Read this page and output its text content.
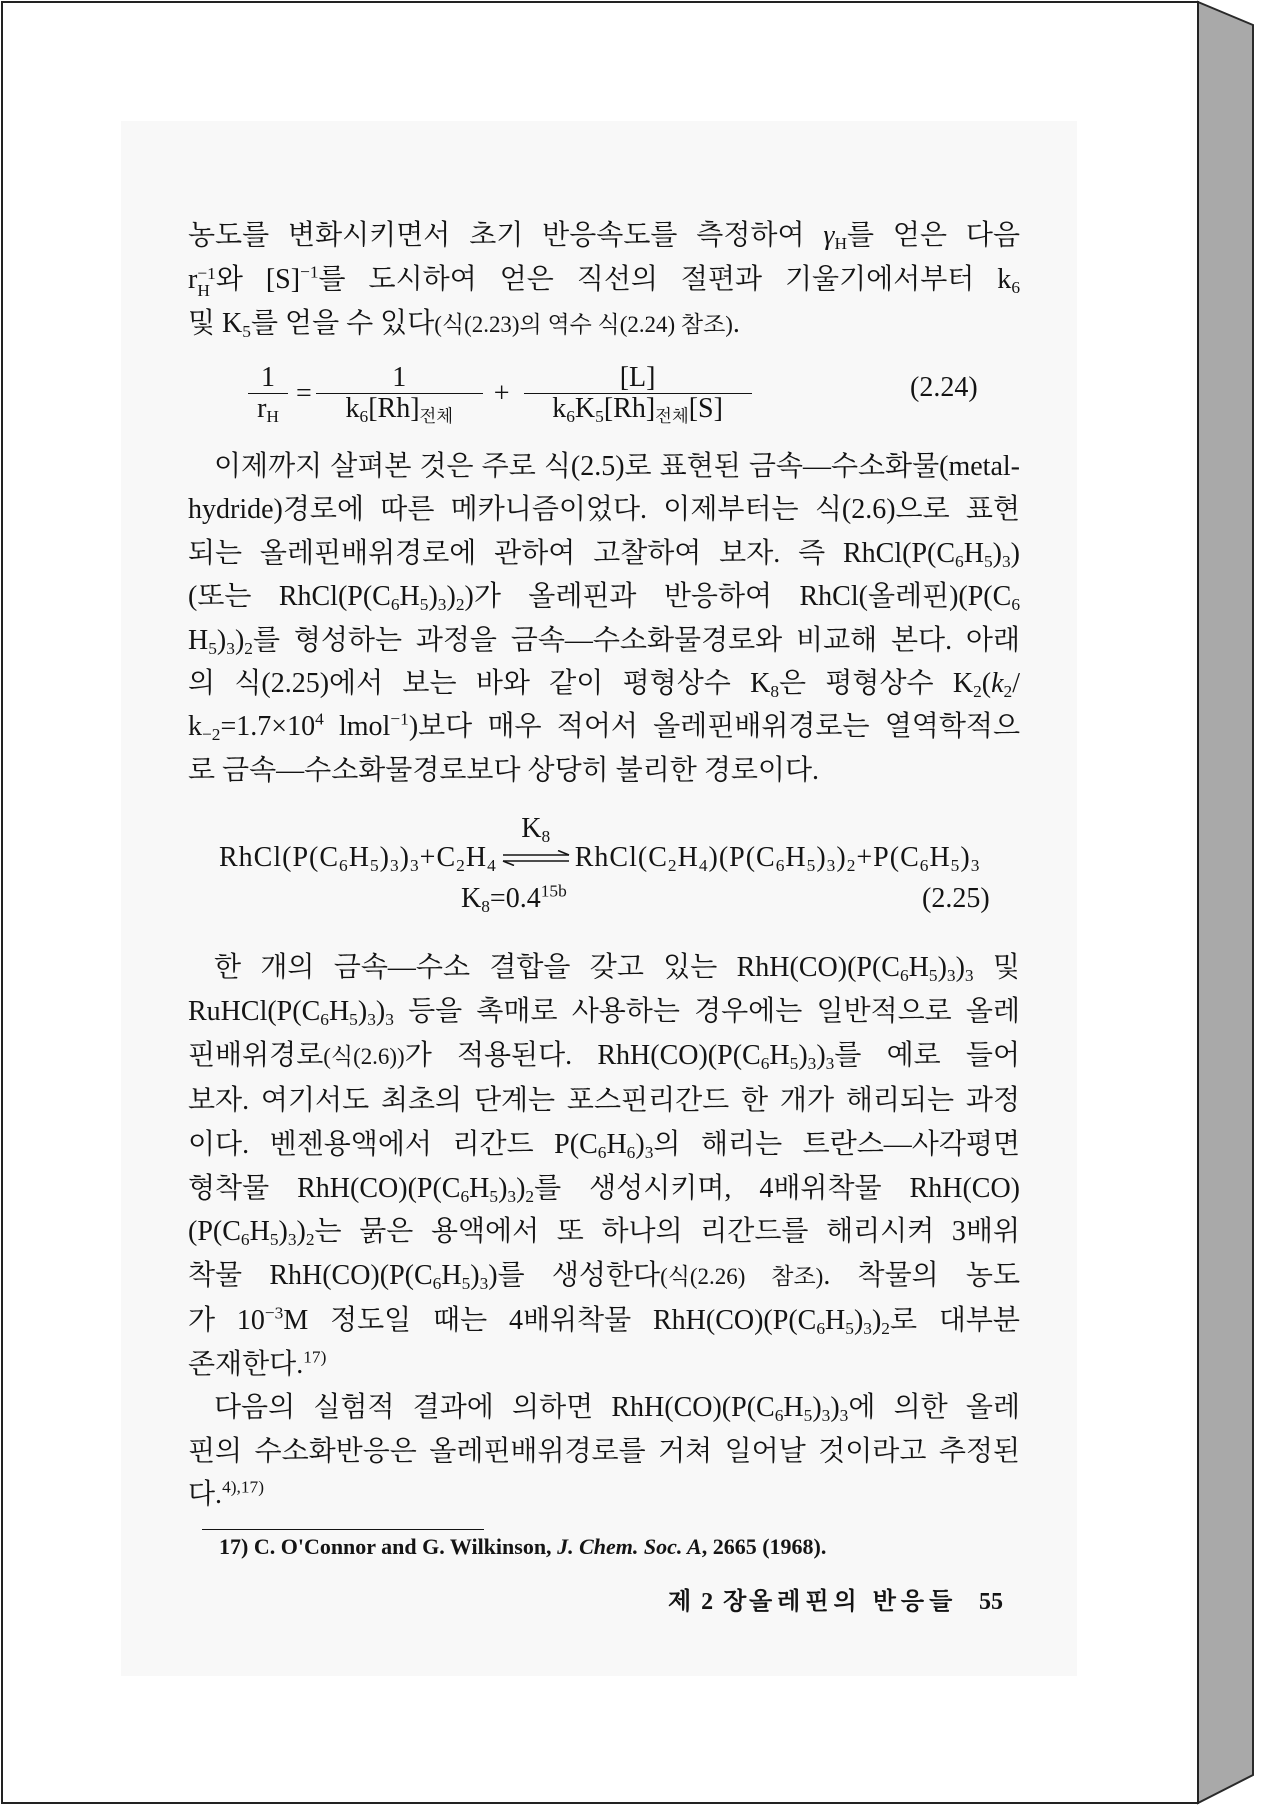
농도를 변화시키면서 초기 반응속도를 측정하여 $\gamma_H$를 얻은 다음
r −1
H 와 $[S]^{-1}$를 도시하여 얻은 직선의 절편과 기울기에서부터 $k_6$
및 $K_5$를 얻을 수 있다(식(2.23)의 역수 식(2.24) 참조).
$\frac{1}{r_H} = \frac{1}{k_6[Rh]_{전체}} + \frac{[L]}{k_6K_5[Rh]_{전체}[S]}$	(2.24)
이제까지 살펴본 것은 주로 식(2.5)로 표현된 금속—수소화물(metal-
hydride)경로에 따른 메카니즘이었다. 이제부터는 식(2.6)으로 표현
되는 올레핀배위경로에 관하여 고찰하여 보자. 즉 $RhCl(P(C_6H_5)_3)$
(또는 $RhCl(P(C_6H_5)_3)_2$)가 올레핀과 반응하여 RhCl(올레핀)($P(C_6$
$H_5)_3)_2$를 형성하는 과정을 금속—수소화물경로와 비교해 본다. 아래
의 식(2.25)에서 보는 바와 같이 평형상수 $K_8$은 평형상수 $K_2(k_2/$
$k_{-2}=1.7\times 10^4$ lmol$^{-1}$)보다 매우 적어서 올레핀배위경로는 열역학적으
로 금속—수소화물경로보다 상당히 불리한 경로이다.
$RhCl(P(C_6H_5)_3)_3+C_2H_4$
$K_8$
$RhCl(C_2H_4)(P(C_6H_5)_3)_2+P(C_6H_5)_3$
$K_8=0.4^{15b}$	(2.25)
한 개의 금속—수소 결합을 갖고 있는 $RhH(CO)(P(C_6H_5)_3)_3$ 및
$RuHCl(P(C_6H_5)_3)_3$ 등을 촉매로 사용하는 경우에는 일반적으로 올레
핀배위경로(식(2.6))가 적용된다. $RhH(CO)(P(C_6H_5)_3)_3$를 예로 들어
보자. 여기서도 최초의 단계는 포스핀리간드 한 개가 해리되는 과정
이다. 벤젠용액에서 리간드 $P(C_6H_6)_3$의 해리는 트란스—사각평면
형착물 $RhH(CO)(P(C_6H_5)_3)_2$를 생성시키며, 4배위착물 RhH(CO)
$(P(C_6H_5)_3)_2$는 묽은 용액에서 또 하나의 리간드를 해리시켜 3배위
착물 $RhH(CO)(P(C_6H_5)_3)$를 생성한다(식(2.26) 참조). 착물의 농도
가 $10^{-3}M$ 정도일 때는 4배위착물 $RhH(CO)(P(C_6H_5)_3)_2$로 대부분
존재한다.$^{17)}$
다음의 실험적 결과에 의하면 $RhH(CO)(P(C_6H_5)_3)_3$에 의한 올레
핀의 수소화반응은 올레핀배위경로를 거쳐 일어날 것이라고 추정된
다.$^{4),17)}$
17) C. O'Connor and G. Wilkinson, J. Chem. Soc. A, 2665 (1968).
제 2 장 올레핀의 반응들 55
